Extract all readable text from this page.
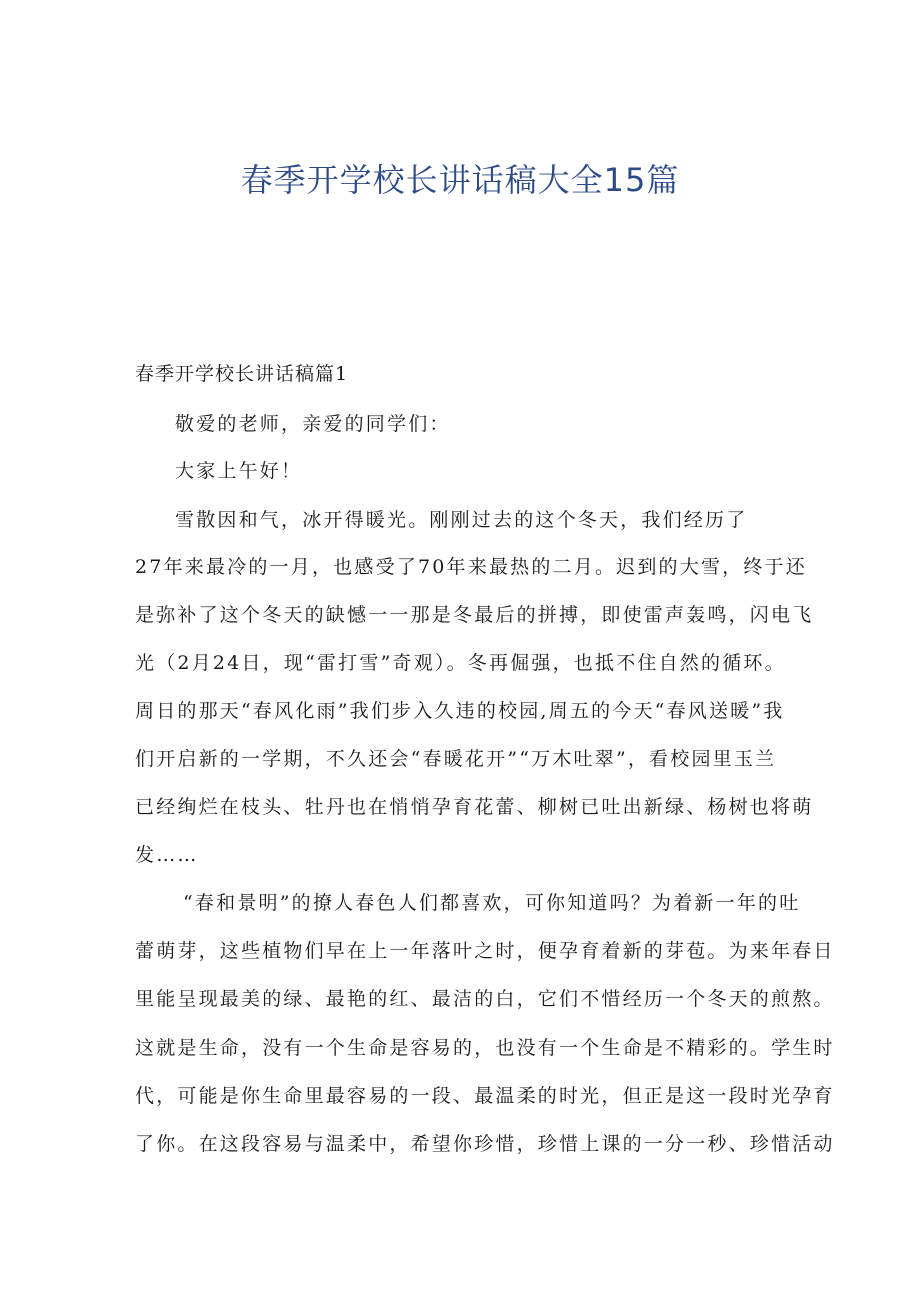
春季开学校长讲话稿大全15篇

春季开学校长讲话稿篇1

敬爱的老师，亲爱的同学们：

大家上午好！

雪散因和气，冰开得暖光。刚刚过去的这个冬天，我们经历了

27年来最冷的一月，也感受了70年来最热的二月。迟到的大雪，终于还

是弥补了这个冬天的缺憾一一那是冬最后的拼搏，即使雷声轰鸣，闪电飞

光（2月24日，现“雷打雪”奇观）。冬再倔强，也抵不住自然的循环。

周日的那天“春风化雨”我们步入久违的校园,周五的今天“春风送暖”我

们开启新的一学期，不久还会“春暖花开”“万木吐翠”，看校园里玉兰

已经绚烂在枝头、牡丹也在悄悄孕育花蕾、柳树已吐出新绿、杨树也将萌

发……

“春和景明”的撩人春色人们都喜欢，可你知道吗？为着新一年的吐

蕾萌芽，这些植物们早在上一年落叶之时，便孕育着新的芽苞。为来年春日

里能呈现最美的绿、最艳的红、最洁的白，它们不惜经历一个冬天的煎熬。

这就是生命，没有一个生命是容易的，也没有一个生命是不精彩的。学生时

代，可能是你生命里最容易的一段、最温柔的时光，但正是这一段时光孕育

了你。在这段容易与温柔中，希望你珍惜，珍惜上课的一分一秒、珍惜活动
